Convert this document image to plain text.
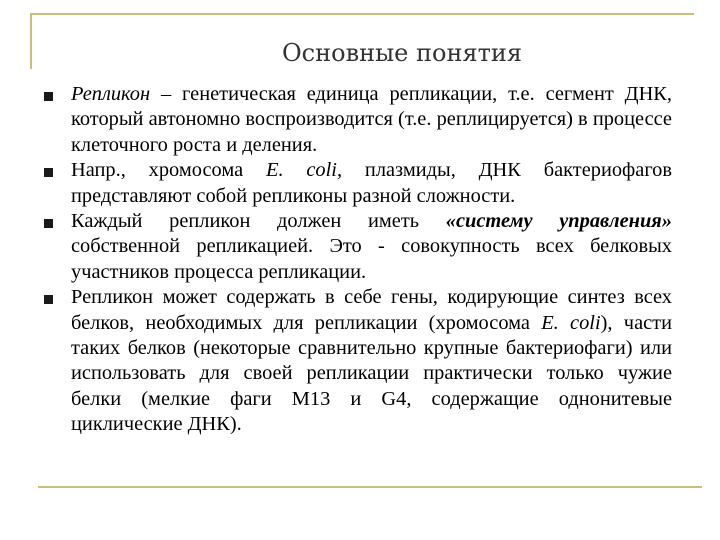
Основные понятия
Репликон – генетическая единица репликации, т.е. сегмент ДНК, который автономно воспроизводится (т.е. реплицируется) в процессе клеточного роста и деления.
Напр., хромосома E. coli, плазмиды, ДНК бактериофагов представляют собой репликоны разной сложности.
Каждый репликон должен иметь «систему управления» собственной репликацией. Это - совокупность всех белковых участников процесса репликации.
Репликон может содержать в себе гены, кодирующие синтез всех белков, необходимых для репликации (хромосома E. coli), части таких белков (некоторые сравнительно крупные бактериофаги) или использовать для своей репликации практически только чужие белки (мелкие фаги М13 и G4, содержащие однонитевые циклические ДНК).
